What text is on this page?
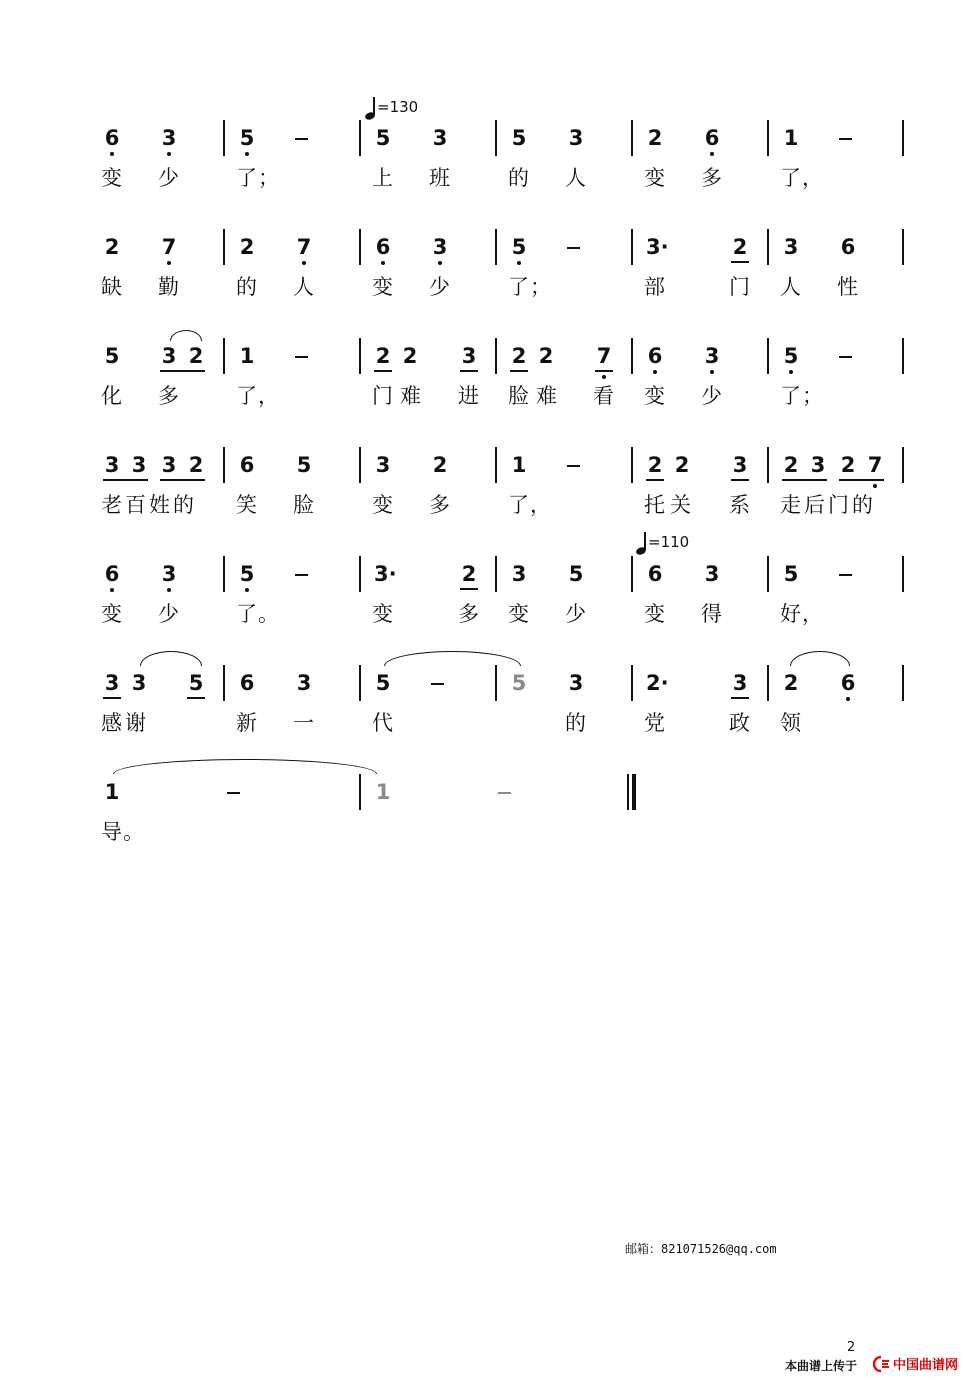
=130
=110
6 3	5	5 3	5 3	2 6	1
变 少	了；	上 班	的 人	变 多	了，
2 7	2 7	6 3	5	3·	2 3 6
缺 勤	的 人	变 少	了；	部	门 人 性
5 3 2 1	2 2 3 2 2 7 6 3	5
化 多	了，	门 难 进 脸 难 看 变 少	了；
3 3 3 2 6 5	3 2	1	2 2 3 2 3 2 7
老百姓的 笑 脸	变 多	了，	托关 系 走后门的
6 3	5	3·	2 3 5	6 3	5
变 少	了。	变	多 变 少	变 得	好，
3 3 5 6 3	5	5 3	2·	3 2 6
感谢	新 一	代	的	党	政 领
1	1
导。
邮箱：821071526@qq.com
2
本曲谱上传于	中国曲谱网
